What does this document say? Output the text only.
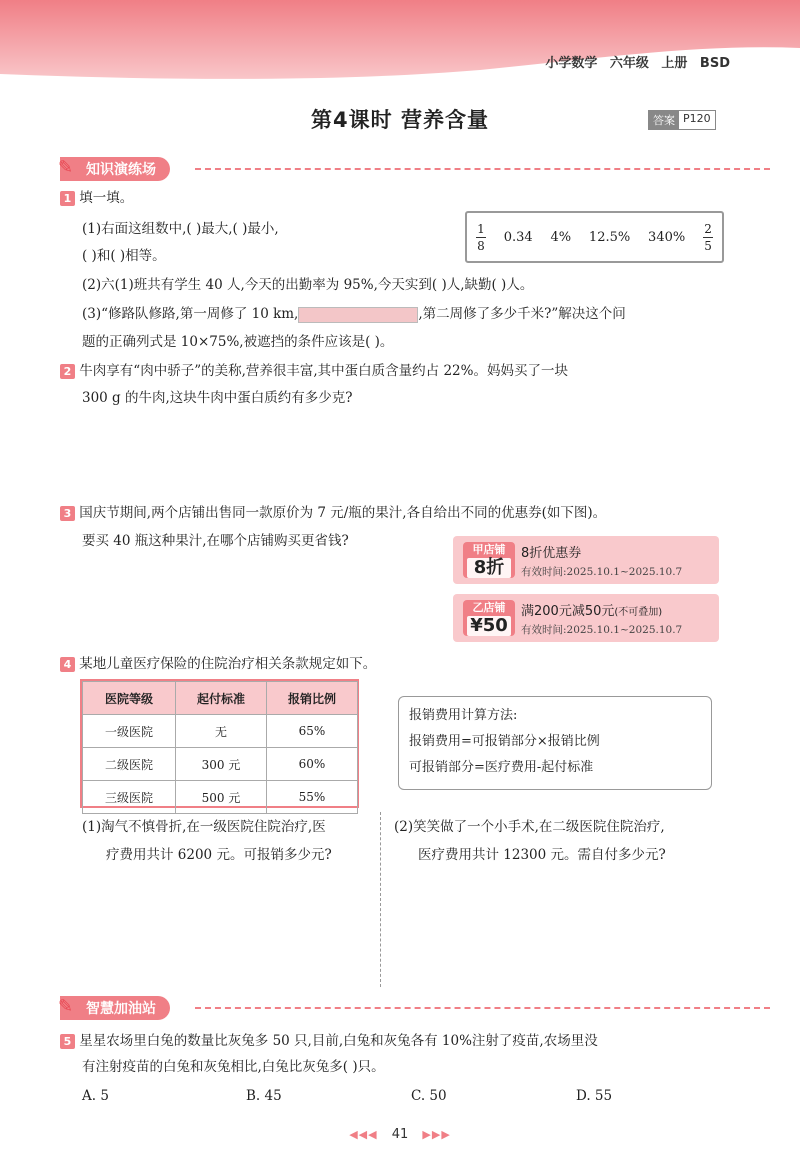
小学数学 六年级 上册 BSD
第4课时 营养含量	答案 P120
✎ 知识演练场
1 填一填。
(1)右面这组数中,( )最大,( )最小,
( )和( )相等。
$\frac{1}{8} 0.34$ 4% 12.5% $340\% \frac{2}{5}$
(2)六(1)班共有学生 40 人,今天的出勤率为 95%,今天实到( )人,缺勤( )人。
(3)“修路队修路,第一周修了 10 km,	,第二周修了多少千米?”解决这个问
题的正确列式是 10×75%,被遮挡的条件应该是( )。
2 牛肉享有“肉中骄子”的美称,营养很丰富,其中蛋白质含量约占 22%。妈妈买了一块
300 g 的牛肉,这块牛肉中蛋白质约有多少克?
3 国庆节期间,两个店铺出售同一款原价为 7 元/瓶的果汁,各自给出不同的优惠券(如下图)。
要买 40 瓶这种果汁,在哪个店铺购买更省钱?
甲店铺
8折
8折优惠券
有效时间:2025.10.1~2025.10.7
乙店铺
¥50
满200元减50元(不可叠加)
有效时间:2025.10.1~2025.10.7
4 某地儿童医疗保险的住院治疗相关条款规定如下。
医院等级	起付标准	报销比例
一级医院	无	65%
二级医院	300 元	60%
三级医院	500 元	55%
报销费用计算方法:
报销费用=可报销部分×报销比例
可报销部分=医疗费用-起付标准
(1)淘气不慎骨折,在一级医院住院治疗,医
疗费用共计 6200 元。可报销多少元?
(2)笑笑做了一个小手术,在二级医院住院治疗,
医疗费用共计 12300 元。需自付多少元?
✎ 智慧加油站
5 星星农场里白兔的数量比灰兔多 50 只,目前,白兔和灰兔各有 10%注射了疫苗,农场里没
有注射疫苗的白兔和灰兔相比,白兔比灰兔多( )只。
A. 5	B. 45	C. 50	D. 55
◀◀◀ 41 ▶▶▶
